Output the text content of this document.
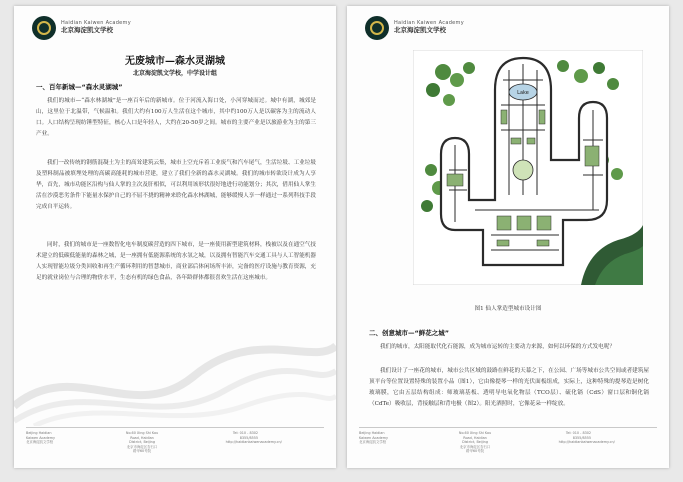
Haidian Kaiwen Academy
北京海淀凯文学校
无废城市—森水灵湖城
北京海淀凯文学校，中学设计组
一、百年新城—“森水灵湖城”
我们的城市—“森水林湖城”是一座百年后的新城市。位于河流入海口处，小河穿城而过。城中有湖，城郊是山，这里位于北温带，气候温和。我们大约有100万人生活在这个城市，其中约100万人是以碳客为主的流动人口。人口结构呈现纺锤型特征，核心人口是年轻人，大约在20-50岁之间。城市的主要产业是以旅游业为主的第三产业。
我们一改传统的钢筋混凝土为主的高耸建筑云集，城市上空充斥着工业废气和汽车尾气，生活垃圾、工业垃圾及塑料制品被填埋处理的高碳高能耗的城市营建，建立了我们全新的森水灵湖城。我们的城市转欲设计成为人享华，首先，城市功能区沿构与仙人掌的主次及肝相似，可以利用该形状很好地进行功能划分；其次，借用仙人掌生活在沙漠恶劣条件下能量水保护自己的不屈不挠的精神来聆化森水林湖城，能够缓慢人享一样通过一系列科技手段完成自平运转。
同时，我们的城市是一座数智化电车制度碳营造的四下城市，是一座使用新型建筑材料，栈被以及在通空气技术建立的低碳低能量的森林之城，是一座拥有低能源系统的水氢之城，以及拥有智能汽车交通工具与人工智能机器人实现智能垃圾分类回收和再生产循环利用的智慧城市，商业部后体闲场所丰沛，完备的医疗设施与教育资源，充足的就业岗位与合理的物价水平，生态有机的绿色食品，各年龄群体都很喜欢生活在这座城市。
Beijing Haidian Kaiwen Academy
北京海淀凯文学校
No.60 Xing Shi Kou Road, Haidian District, Beijing
北京市海淀区杏石口路甲60号院
Tel: 010 - 8302 8355/8555
http://haidiankaiwenacademy.cn/
Haidian Kaiwen Academy
北京海淀凯文学校
Lake
图1 仙人掌造型城市设计图
二、创意城市—“鲜花之城”
我们的城市，太阳能取代化石能源，成为城市运转的主要动力来源，如何以环保的方式发电呢？
我们设计了一座花的城市，城市公共区域的鼓路在鲜花的天幕之下，在公园、广场等城市公共空间或者建筑屋顶平台等位置设置特殊的装置小品（图1），它由像提琴一样的光伏面板组成，实际上，这种特殊的提琴造是树化玻璃膜，它由五层结构组成：师玻璃基板、透明导电氧化物层（TCO层）、硫化镉（CdS）窗口层和铜化镉（CdTe）吸收层，背接触层和背电极（图2）。阳光洒照时，它像花朵一样绽放。
Beijing Haidian Kaiwen Academy
北京海淀凯文学校
No.60 Xing Shi Kou Road, Haidian District, Beijing
北京市海淀区杏石口路甲60号院
Tel: 010 - 8302 8355/8555
http://haidiankaiwenacademy.cn/
